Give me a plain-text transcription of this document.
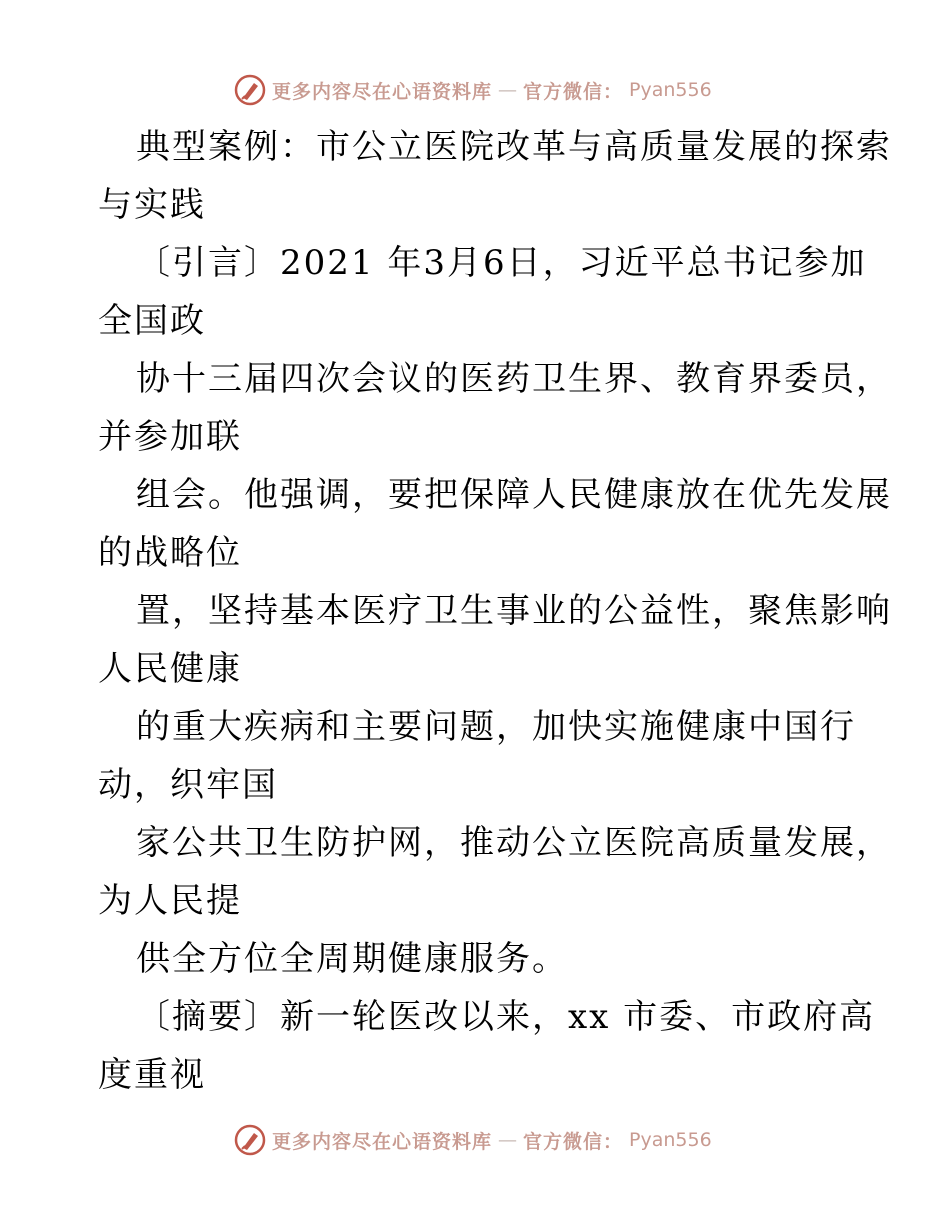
更多内容尽在心语资料库 — 官方微信： Pyan556
典型案例：市公立医院改革与高质量发展的探索
与实践
〔引言〕2021 年3月6日，习近平总书记参加
全国政
协十三届四次会议的医药卫生界、教育界委员，
并参加联
组会。他强调，要把保障人民健康放在优先发展
的战略位
置，坚持基本医疗卫生事业的公益性，聚焦影响
人民健康
的重大疾病和主要问题，加快实施健康中国行
动，织牢国
家公共卫生防护网，推动公立医院高质量发展，
为人民提
供全方位全周期健康服务。
〔摘要〕新一轮医改以来，xx 市委、市政府高
度重视
更多内容尽在心语资料库 — 官方微信： Pyan556
